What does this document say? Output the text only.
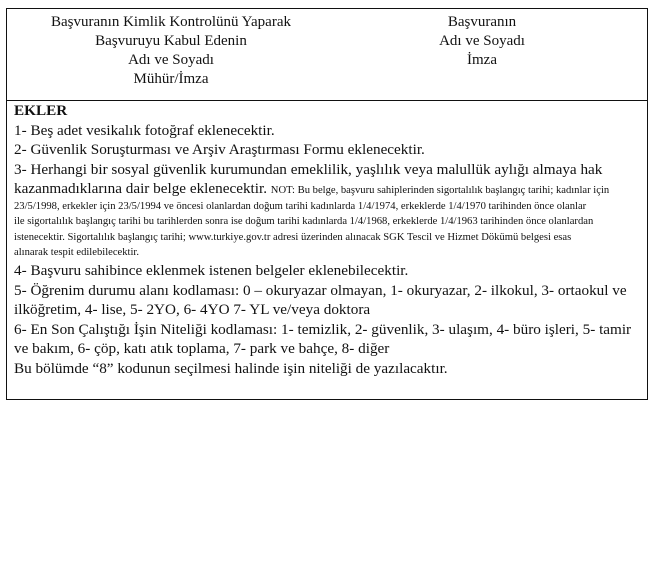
Başvuranın Kimlik Kontrolünü Yaparak
Başvuruyu Kabul Edenin
Adı ve Soyadı
Mühür/İmza
Başvuranın
Adı ve Soyadı
İmza
EKLER
1- Beş adet vesikalık fotoğraf eklenecektir.
2- Güvenlik Soruşturması ve Arşiv Araştırması Formu eklenecektir.
3- Herhangi bir sosyal güvenlik kurumundan emeklilik, yaşlılık veya malullük aylığı almaya hak
kazanmadıklarına dair belge eklenecektir. NOT: Bu belge, başvuru sahiplerinden sigortalılık başlangıç tarihi; kadınlar için
23/5/1998, erkekler için 23/5/1994 ve öncesi olanlardan doğum tarihi kadınlarda 1/4/1974, erkeklerde 1/4/1970 tarihinden önce olanlar
ile sigortalılık başlangıç tarihi bu tarihlerden sonra ise doğum tarihi kadınlarda 1/4/1968, erkeklerde 1/4/1963 tarihinden önce olanlardan
istenecektir. Sigortalılık başlangıç tarihi; www.turkiye.gov.tr adresi üzerinden alınacak SGK Tescil ve Hizmet Dökümü belgesi esas
alınarak tespit edilebilecektir.
4- Başvuru sahibince eklenmek istenen belgeler eklenebilecektir.
5- Öğrenim durumu alanı kodlaması: 0 – okuryazar olmayan, 1- okuryazar, 2- ilkokul, 3- ortaokul ve
ilköğretim, 4- lise, 5- 2YO, 6- 4YO 7- YL ve/veya doktora
6- En Son Çalıştığı İşin Niteliği kodlaması: 1- temizlik, 2- güvenlik, 3- ulaşım, 4- büro işleri, 5- tamir
ve bakım, 6- çöp, katı atık toplama, 7- park ve bahçe, 8- diğer
Bu bölümde “8” kodunun seçilmesi halinde işin niteliği de yazılacaktır.
